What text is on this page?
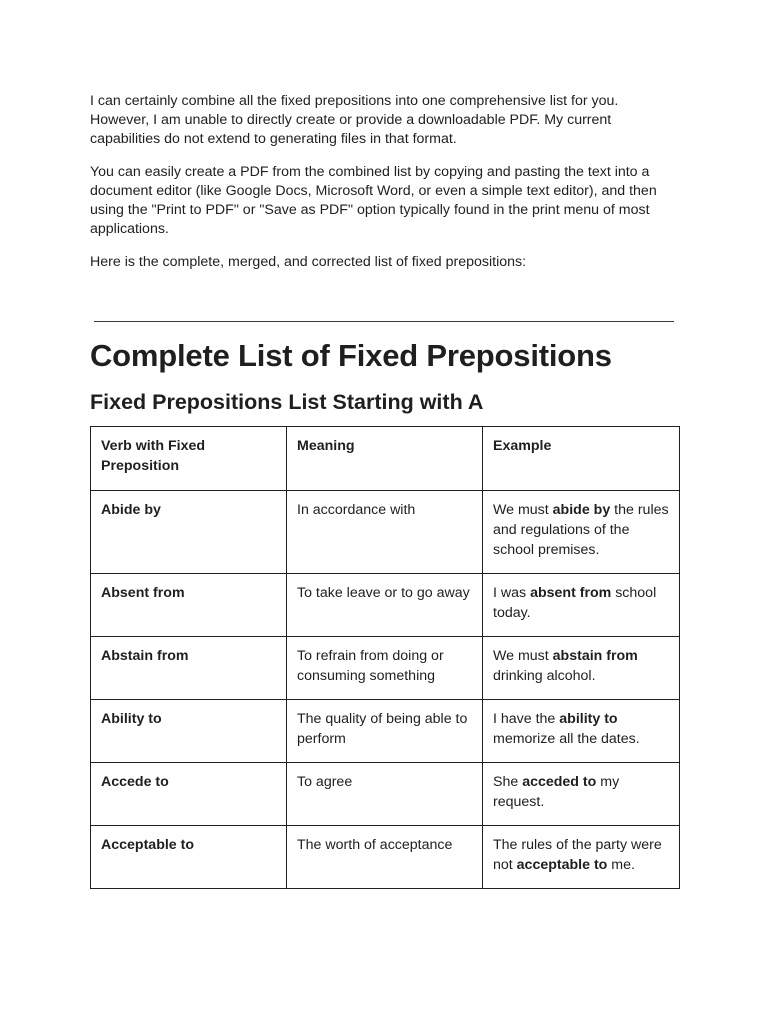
I can certainly combine all the fixed prepositions into one comprehensive list for you. However, I am unable to directly create or provide a downloadable PDF. My current capabilities do not extend to generating files in that format.

You can easily create a PDF from the combined list by copying and pasting the text into a document editor (like Google Docs, Microsoft Word, or even a simple text editor), and then using the "Print to PDF" or "Save as PDF" option typically found in the print menu of most applications.

Here is the complete, merged, and corrected list of fixed prepositions:

Complete List of Fixed Prepositions
Fixed Prepositions List Starting with A
Verb with Fixed Preposition	Meaning	Example
Abide by	In accordance with	We must abide by the rules and regulations of the school premises.
Absent from	To take leave or to go away	I was absent from school today.
Abstain from	To refrain from doing or consuming something	We must abstain from drinking alcohol.
Ability to	The quality of being able to perform	I have the ability to memorize all the dates.
Accede to	To agree	She acceded to my request.
Acceptable to	The worth of acceptance	The rules of the party were not acceptable to me.
